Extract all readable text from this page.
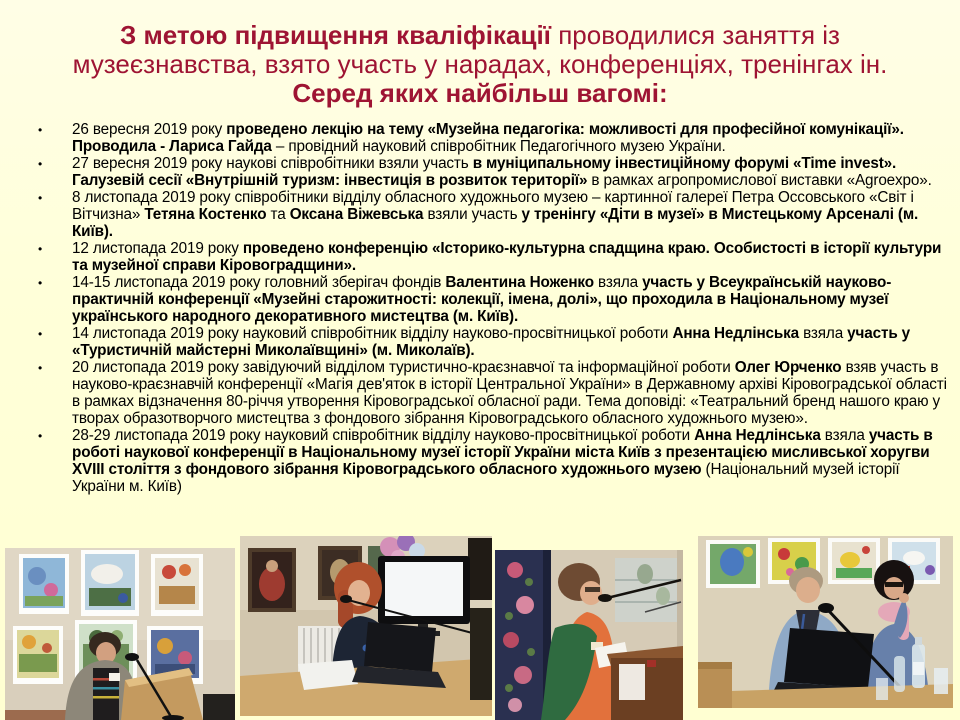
З метою підвищення кваліфікації проводилися заняття із
музеєзнавства, взято участь у нарадах, конференціях, тренінгах ін.
Серед яких найбільш вагомі:
•	26 вересня 2019 року проведено лекцію на тему «Музейна педагогіка: можливості для професійної комунікації». Проводила - Лариса Гайда – провідний науковий співробітник Педагогічного музею України.
•	27 вересня 2019 року наукові співробітники взяли участь в муніципальному інвестиційному форумі «Time invest». Галузевій сесії «Внутрішній туризм: інвестиція в розвиток території» в рамках агропромислової виставки «Agroexpo».
•	8 листопада 2019 року співробітники відділу обласного художнього музею – картинної галереї Петра Оссовського «Світ і Вітчизна» Тетяна Костенко та Оксана Віжевська взяли участь у тренінгу «Діти в музеї» в Мистецькому Арсеналі (м. Київ).
•	12 листопада 2019 року проведено конференцію «Історико-культурна спадщина краю. Особистості в історії культури та музейної справи Кіровоградщини».
•	14-15 листопада 2019 року головний зберігач фондів Валентина Ноженко взяла участь у Всеукраїнській науково-практичній конференції «Музейні старожитності: колекції, імена, долі», що проходила в Національному музеї українського народного декоративного мистецтва (м. Київ).
•	14 листопада 2019 року науковий співробітник відділу науково-просвітницької роботи Анна Недлінська взяла участь у «Туристичній майстерні Миколаївщині» (м. Миколаїв).
•	20 листопада 2019 року завідуючий відділом туристично-краєзнавчої та інформаційної роботи Олег Юрченко взяв участь в науково-краєзнавчій конференції «Магія дев'яток в історії Центральної України» в Державному архіві Кіровоградської області в рамках відзначення 80-річчя утворення Кіровоградської обласної ради. Тема доповіді: «Театральний бренд нашого краю у творах образотворчого мистецтва з фондового зібрання Кіровоградського обласного художнього музею».
•	28-29 листопада 2019 року науковий співробітник відділу науково-просвітницької роботи Анна Недлінська взяла участь в роботі наукової конференції в Національному музеї історії України міста Київ з презентацією мисливської хоругви XVIII століття з фондового зібрання Кіровоградського обласного художнього музею (Національний музей історії України м. Київ)
